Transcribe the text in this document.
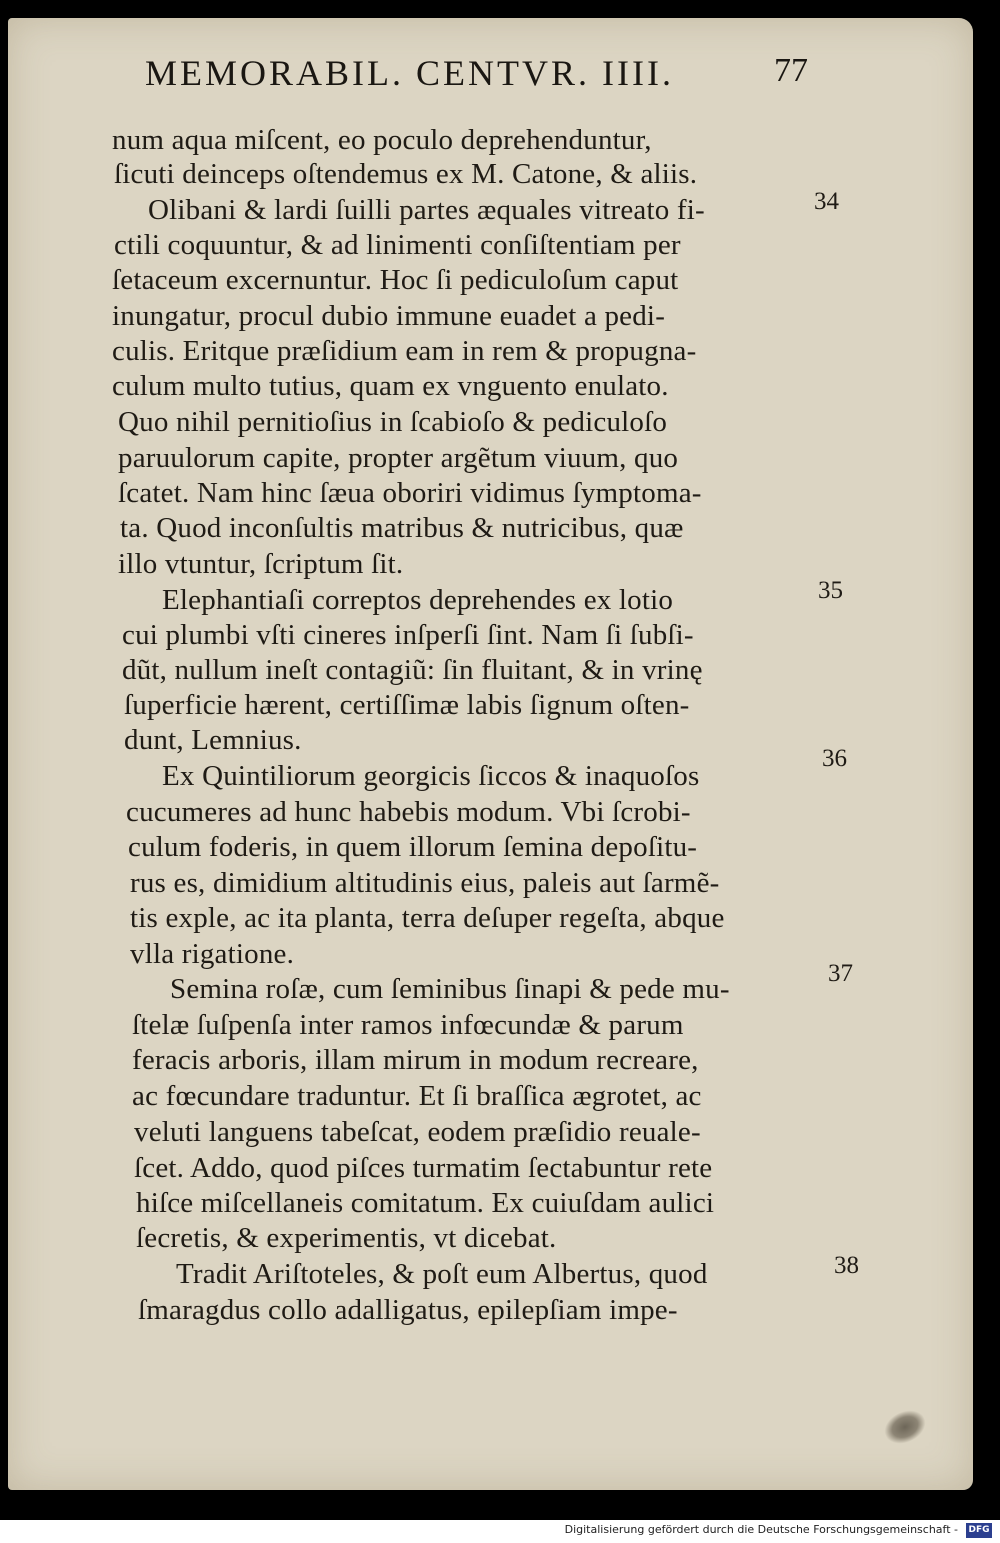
MEMORABIL. CENTVR. IIII.	77
num aqua miſcent, eo poculo deprehenduntur,
ſicuti deinceps oſtendemus ex M. Catone, & aliis.
Olibani & lardi ſuilli partes æquales vitreato fi-
ctili coquuntur, & ad linimenti conſiſtentiam per
ſetaceum excernuntur. Hoc ſi pediculoſum caput
inungatur, procul dubio immune euadet a pedi-
culis. Eritque præſidium eam in rem & propugna-
culum multo tutius, quam ex vnguento enulato.
Quo nihil pernitioſius in ſcabioſo & pediculoſo
paruulorum capite, propter argẽtum viuum, quo
ſcatet. Nam hinc ſæua oboriri vidimus ſymptoma-
ta. Quod inconſultis matribus & nutricibus, quæ
illo vtuntur, ſcriptum ſit.
Elephantiaſi correptos deprehendes ex lotio
cui plumbi vſti cineres inſperſi ſint. Nam ſi ſubſi-
dũt, nullum ineſt contagiũ: ſin fluitant, & in vrinę
ſuperficie hærent, certiſſimæ labis ſignum oſten-
dunt, Lemnius.
Ex Quintiliorum georgicis ſiccos & inaquoſos
cucumeres ad hunc habebis modum. Vbi ſcrobi-
culum foderis, in quem illorum ſemina depoſitu-
rus es, dimidium altitudinis eius, paleis aut ſarmẽ-
tis exple, ac ita planta, terra deſuper regeſta, abque
vlla rigatione.
Semina roſæ, cum ſeminibus ſinapi & pede mu-
ſtelæ ſuſpenſa inter ramos infœcundæ & parum
feracis arboris, illam mirum in modum recreare,
ac fœcundare traduntur. Et ſi braſſica ægrotet, ac
veluti languens tabeſcat, eodem præſidio reuale-
ſcet. Addo, quod piſces turmatim ſectabuntur rete
hiſce miſcellaneis comitatum. Ex cuiuſdam aulici
ſecretis, & experimentis, vt dicebat.
Tradit Ariſtoteles, & poſt eum Albertus, quod
ſmaragdus collo adalligatus, epilepſiam impe-
34
35
36
37
38
Digitalisierung gefördert durch die Deutsche Forschungsgemeinschaft - DFG
